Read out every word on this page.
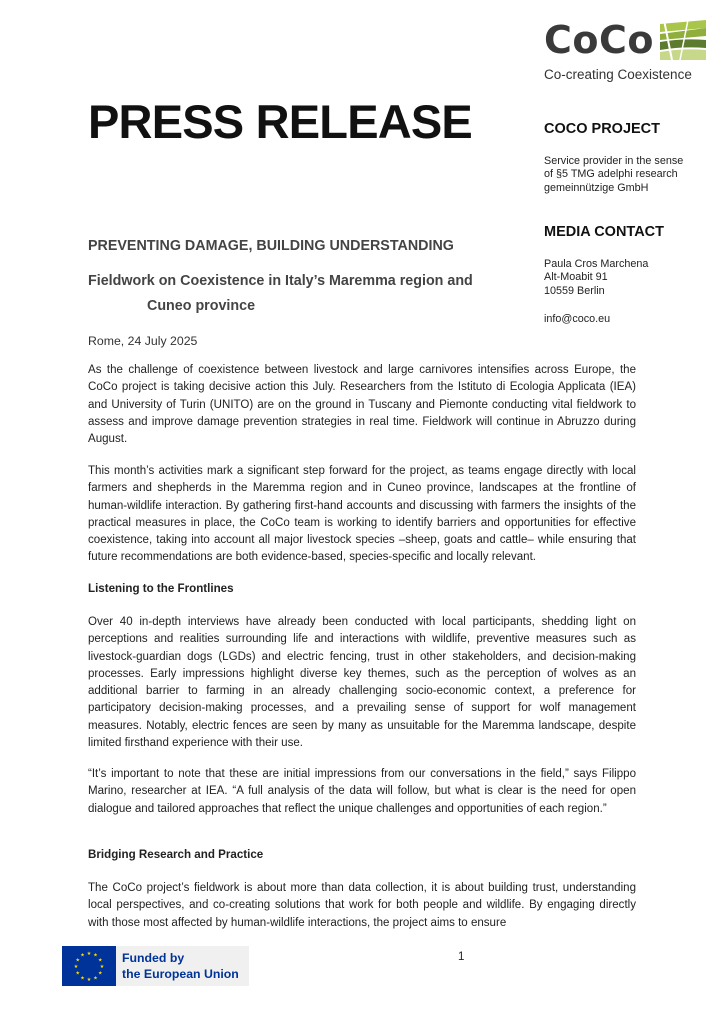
CoCo
Co-creating Coexistence
PRESS RELEASE	COCO PROJECT
Service provider in the sense
of §5 TMG adelphi research
gemeinnützige GmbH
MEDIA CONTACT
Paula Cros Marchena
Alt-Moabit 91
10559 Berlin
info@coco.eu
PREVENTING DAMAGE, BUILDING UNDERSTANDING
Fieldwork on Coexistence in Italy’s Maremma region and
Cuneo province
Rome, 24 July 2025
As the challenge of coexistence between livestock and large carnivores intensifies across Europe, the CoCo project is taking decisive action this July. Researchers from the Istituto di Ecologia Applicata (IEA) and University of Turin (UNITO) are on the ground in Tuscany and Piemonte conducting vital fieldwork to assess and improve damage prevention strategies in real time. Fieldwork will continue in Abruzzo during August.
This month’s activities mark a significant step forward for the project, as teams engage directly with local farmers and shepherds in the Maremma region and in Cuneo province, landscapes at the frontline of human-wildlife interaction. By gathering first-hand accounts and discussing with farmers the insights of the practical measures in place, the CoCo team is working to identify barriers and opportunities for effective coexistence, taking into account all major livestock species –sheep, goats and cattle– while ensuring that future recommendations are both evidence-based, species-specific and locally relevant.
Listening to the Frontlines
Over 40 in-depth interviews have already been conducted with local participants, shedding light on perceptions and realities surrounding life and interactions with wildlife, preventive measures such as livestock-guardian dogs (LGDs) and electric fencing, trust in other stakeholders, and decision-making processes. Early impressions highlight diverse key themes, such as the perception of wolves as an additional barrier to farming in an already challenging socio-economic context, a preference for participatory decision-making processes, and a prevailing sense of support for wolf management measures. Notably, electric fences are seen by many as unsuitable for the Maremma landscape, despite limited firsthand experience with their use.
“It’s important to note that these are initial impressions from our conversations in the field,” says Filippo Marino, researcher at IEA. “A full analysis of the data will follow, but what is clear is the need for open dialogue and tailored approaches that reflect the unique challenges and opportunities of each region.”
Bridging Research and Practice
The CoCo project’s fieldwork is about more than data collection, it is about building trust, understanding local perspectives, and co-creating solutions that work for both people and wildlife. By engaging directly with those most affected by human-wildlife interactions, the project aims to ensure
1
★ ★
★
★
★
★
★
★
★
★
★
★	Funded by
the European Union
